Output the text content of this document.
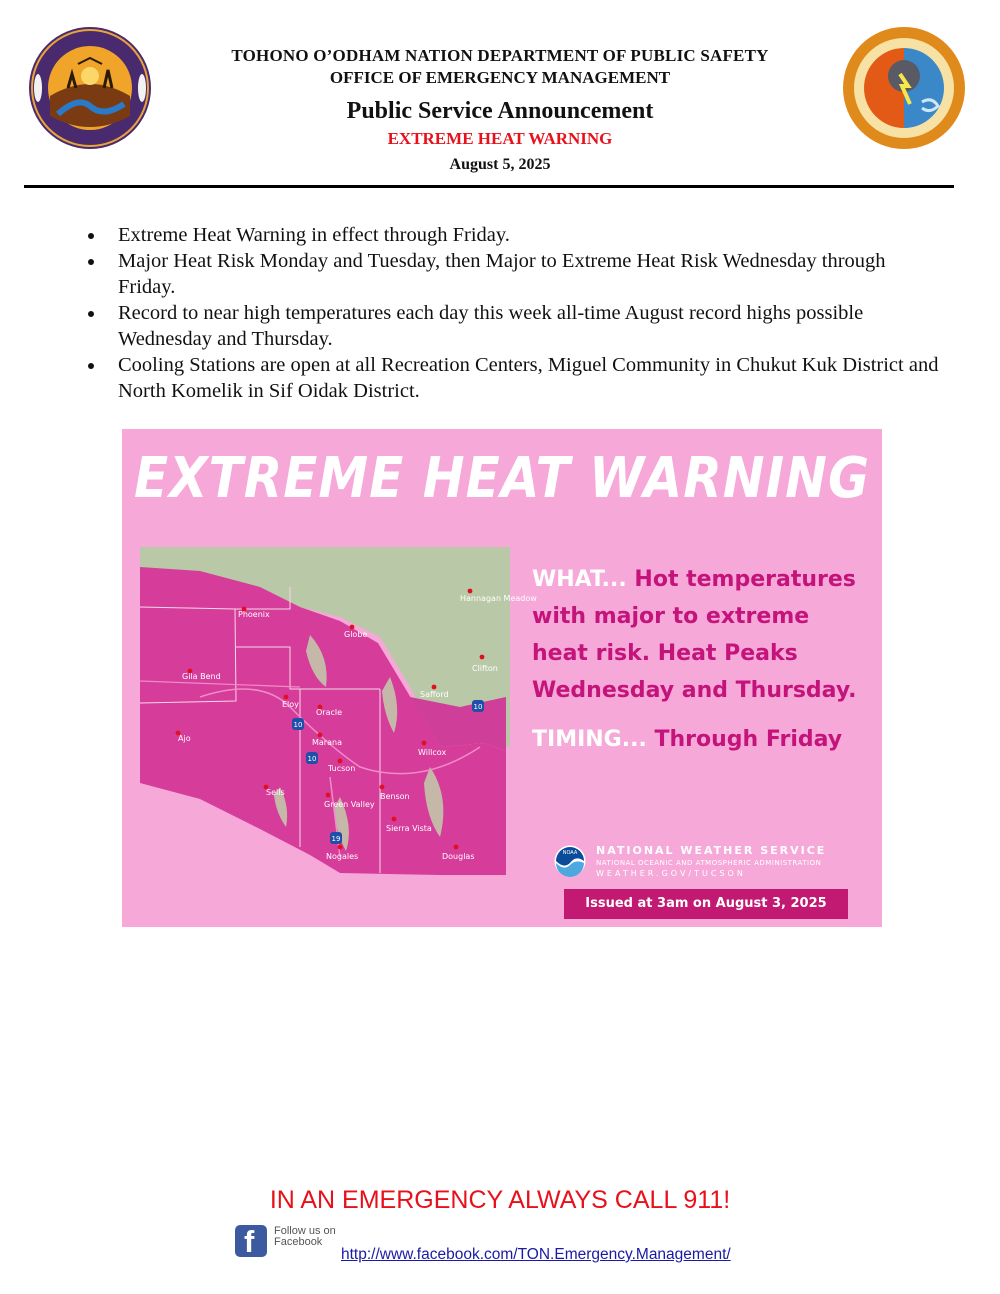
TOHONO O’ODHAM NATION DEPARTMENT OF PUBLIC SAFETY
OFFICE OF EMERGENCY MANAGEMENT
Public Service Announcement
EXTREME HEAT WARNING
August 5, 2025
Extreme Heat Warning in effect through Friday.
Major Heat Risk Monday and Tuesday, then Major to Extreme Heat Risk Wednesday through Friday.
Record to near high temperatures each day this week all-time August record highs possible Wednesday and Thursday.
Cooling Stations are open at all Recreation Centers, Miguel Community in Chukut Kuk District and North Komelik in Sif Oidak District.
EXTREME HEAT WARNING
Phoenix
Globe
Hannagan Meadow
Clifton
Gila Bend
Eloy
Oracle
Safford
Ajo	Marana
Tucson
Willcox
Sells	Benson
Green Valley
Sierra Vista
Nogales	Douglas
10
10
10
19
WHAT... Hot temperatures with major to extreme heat risk. Heat Peaks Wednesday and Thursday.
TIMING... Through Friday
NOAA NATIONAL WEATHER SERVICE
NATIONAL OCEANIC AND ATMOSPHERIC ADMINISTRATION
WEATHER.GOV/TUCSON
Issued at 3am on August 3, 2025
IN AN EMERGENCY ALWAYS CALL 911!
f Follow us on Facebook
http://www.facebook.com/TON.Emergency.Management/
